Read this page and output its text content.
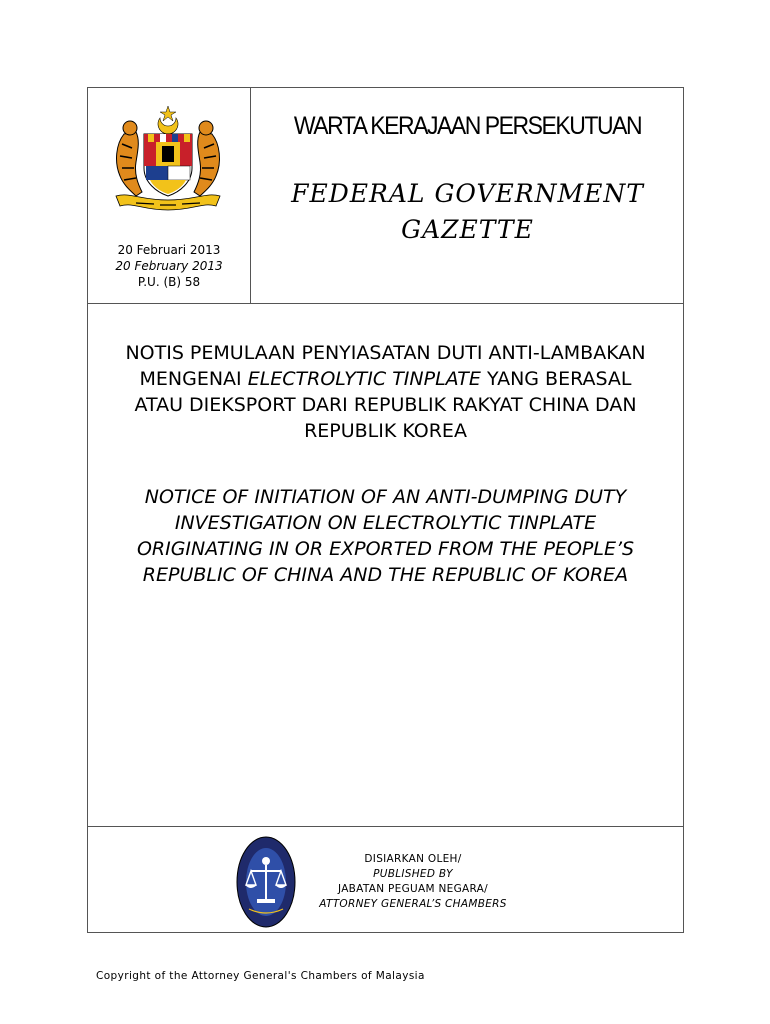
20 Februari 2013
20 February 2013
P.U. (B) 58
WARTA KERAJAAN PERSEKUTUAN
FEDERAL GOVERNMENT
GAZETTE
NOTIS PEMULAAN PENYIASATAN DUTI ANTI-LAMBAKAN
MENGENAI ELECTROLYTIC TINPLATE YANG BERASAL
ATAU DIEKSPORT DARI REPUBLIK RAKYAT CHINA DAN
REPUBLIK KOREA
NOTICE OF INITIATION OF AN ANTI-DUMPING DUTY
INVESTIGATION ON ELECTROLYTIC TINPLATE
ORIGINATING IN OR EXPORTED FROM THE PEOPLE’S
REPUBLIC OF CHINA AND THE REPUBLIC OF KOREA
DISIARKAN OLEH/
PUBLISHED BY
JABATAN PEGUAM NEGARA/
ATTORNEY GENERAL’S CHAMBERS
Copyright of the Attorney General's Chambers of Malaysia
